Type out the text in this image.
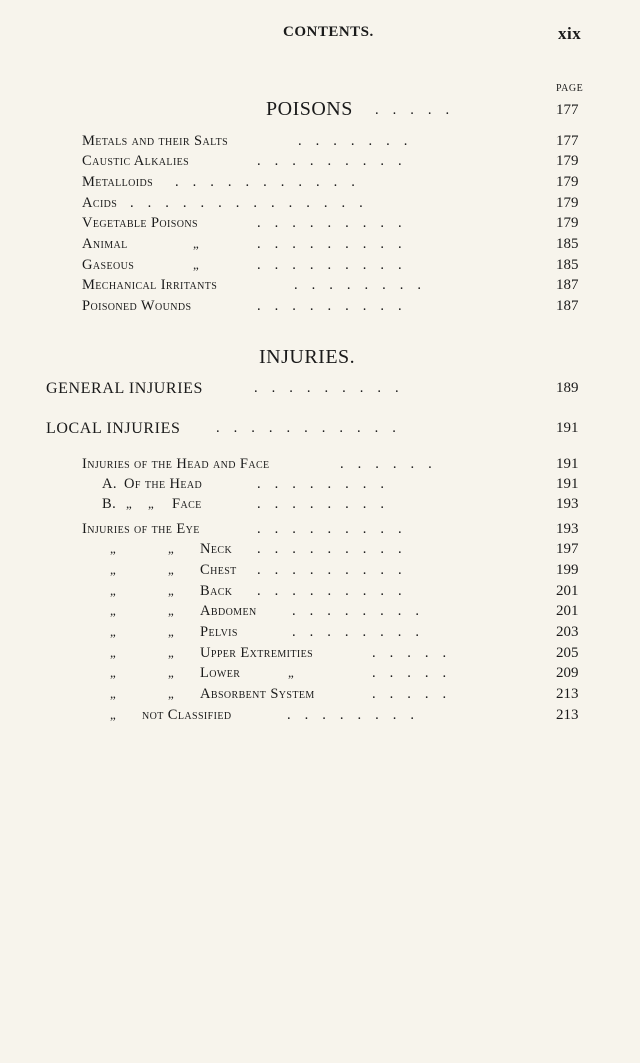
CONTENTS.	xix
PAGE
POISONS .....	177
Metals and their Salts	.......	177
Caustic Alkalies	.........	179
Metalloids ...........	179
Acids ..............	179
Vegetable Poisons	.........	179
Animal	„	.........	185
Gaseous	„	.........	185
Mechanical Irritants	........	187
Poisoned Wounds	.........	187
INJURIES.
GENERAL INJURIES	.........	189
LOCAL INJURIES ...........	191
Injuries of the Head and Face	......	191
A. Of the Head	........	191
B. „ „ Face	........	193
Injuries of the Eye	.........	193
„	„ Neck .........	197
„	„ Chest .........	199
„	„ Back .........	201
„	„ Abdomen ........	201
„	„ Pelvis	........	203
„	„ Upper Extremities	.....	205
„	„ Lower	„	.....	209
„	„ Absorbent System	.....	213
„ not Classified	........	213
